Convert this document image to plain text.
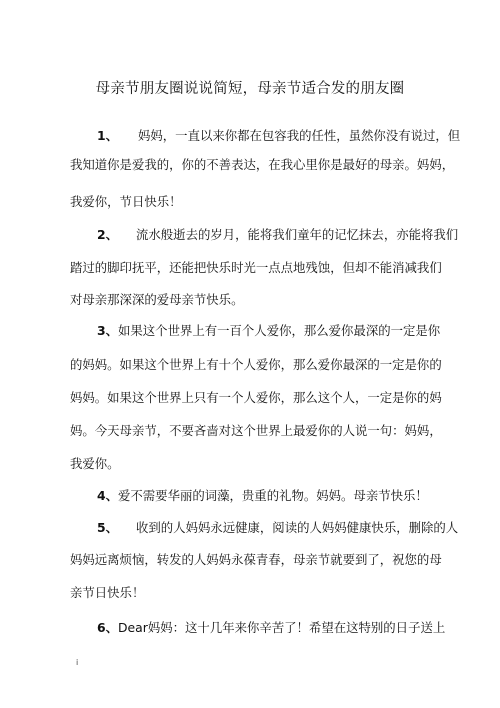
母亲节朋友圈说说简短，母亲节适合发的朋友圈
1、 妈妈，一直以来你都在包容我的任性，虽然你没有说过，但
我知道你是爱我的，你的不善表达，在我心里你是最好的母亲。妈妈，
我爱你，节日快乐！
2、 流水般逝去的岁月，能将我们童年的记忆抹去，亦能将我们
踏过的脚印抚平，还能把快乐时光一点点地残蚀，但却不能消减我们
对母亲那深深的爱母亲节快乐。
3、如果这个世界上有一百个人爱你，那么爱你最深的一定是你
的妈妈。如果这个世界上有十个人爱你，那么爱你最深的一定是你的
妈妈。如果这个世界上只有一个人爱你，那么这个人，一定是你的妈
妈。今天母亲节，不要吝啬对这个世界上最爱你的人说一句：妈妈，
我爱你。
4、爱不需要华丽的词藻，贵重的礼物。妈妈。母亲节快乐！
5、 收到的人妈妈永远健康，阅读的人妈妈健康快乐，删除的人
妈妈远离烦恼，转发的人妈妈永葆青春，母亲节就要到了，祝您的母
亲节日快乐！
6、Dear妈妈：这十几年来你辛苦了！希望在这特别的日子送上
i
